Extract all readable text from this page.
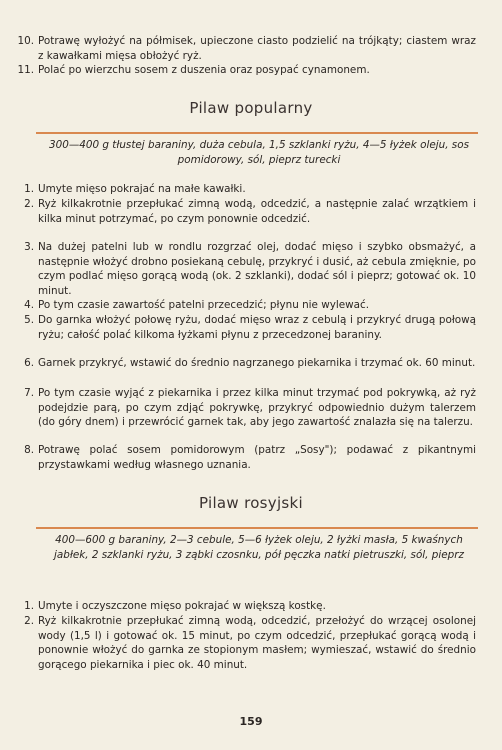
10. Potrawę wyłożyć na półmisek, upieczone ciasto podzielić na trójkąty; ciastem wraz z kawałkami mięsa obłożyć ryż.
11. Polać po wierzchu sosem z duszenia oraz posypać cynamonem.
Pilaw popularny
300—400 g tłustej baraniny, duża cebula, 1,5 szklanki ryżu, 4—5 łyżek oleju, sos pomidorowy, sól, pieprz turecki
1. Umyte mięso pokrajać na małe kawałki.
2. Ryż kilkakrotnie przepłukać zimną wodą, odcedzić, a następnie zalać wrzątkiem i kilka minut potrzymać, po czym ponownie odcedzić.
3. Na dużej patelni lub w rondlu rozgrzać olej, dodać mięso i szybko obsmażyć, a następnie włożyć drobno posiekaną cebulę, przykryć i dusić, aż cebula zmięknie, po czym podlać mięso gorącą wodą (ok. 2 szklanki), dodać sól i pieprz; gotować ok. 10 minut.
4. Po tym czasie zawartość patelni przecedzić; płynu nie wylewać.
5. Do garnka włożyć połowę ryżu, dodać mięso wraz z cebulą i przykryć drugą połową ryżu; całość polać kilkoma łyżkami płynu z przecedzonej baraniny.
6. Garnek przykryć, wstawić do średnio nagrzanego piekarnika i trzymać ok. 60 minut.
7. Po tym czasie wyjąć z piekarnika i przez kilka minut trzymać pod pokrywką, aż ryż podejdzie parą, po czym zdjąć pokrywkę, przykryć odpowiednio dużym talerzem (do góry dnem) i przewrócić garnek tak, aby jego zawartość znalazła się na talerzu.
8. Potrawę polać sosem pomidorowym (patrz „Sosy"); podawać z pikantnymi przystawkami według własnego uznania.
Pilaw rosyjski
400—600 g baraniny, 2—3 cebule, 5—6 łyżek oleju, 2 łyżki masła, 5 kwaśnych jabłek, 2 szklanki ryżu, 3 ząbki czosnku, pół pęczka natki pietruszki, sól, pieprz
1. Umyte i oczyszczone mięso pokrajać w większą kostkę.
2. Ryż kilkakrotnie przepłukać zimną wodą, odcedzić, przełożyć do wrzącej osolonej wody (1,5 l) i gotować ok. 15 minut, po czym odcedzić, przepłukać gorącą wodą i ponownie włożyć do garnka ze stopionym masłem; wymieszać, wstawić do średnio gorącego piekarnika i piec ok. 40 minut.
159
